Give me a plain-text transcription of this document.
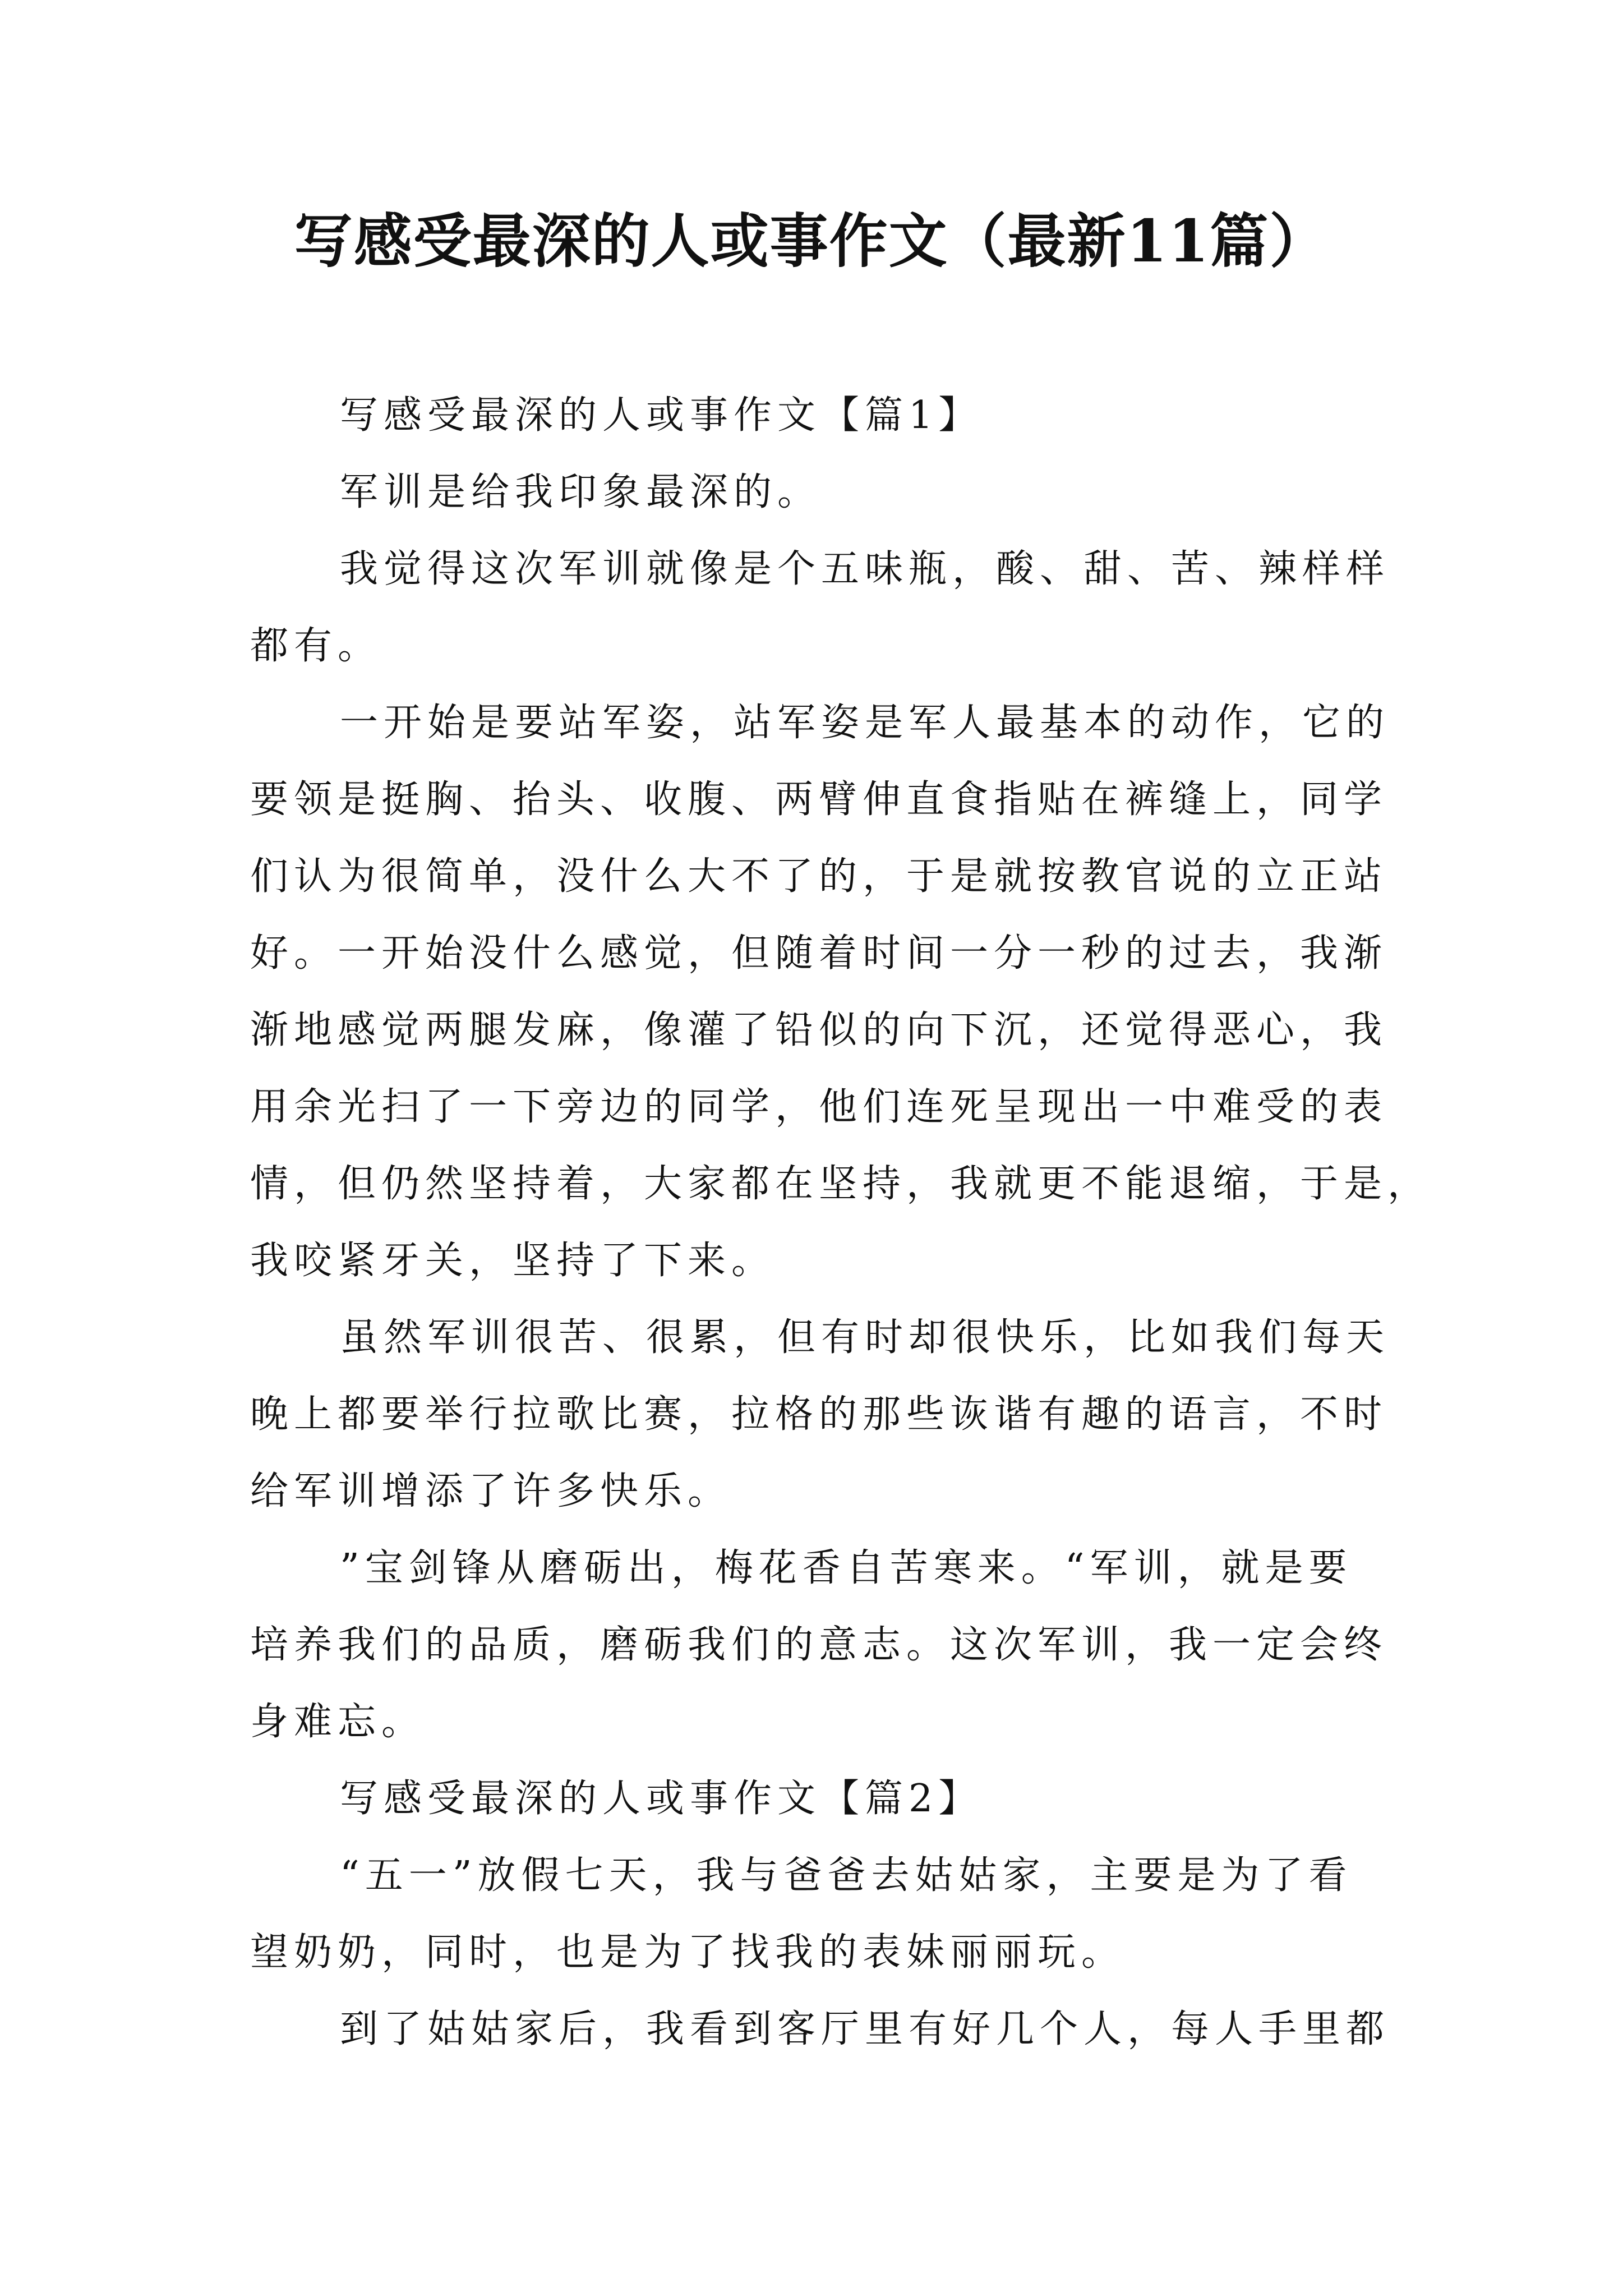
写感受最深的人或事作文（最新11篇）
写感受最深的人或事作文【篇1】
军训是给我印象最深的。
我觉得这次军训就像是个五味瓶，酸、甜、苦、辣样样
都有。
一开始是要站军姿，站军姿是军人最基本的动作，它的
要领是挺胸、抬头、收腹、两臂伸直食指贴在裤缝上，同学
们认为很简单，没什么大不了的，于是就按教官说的立正站
好。一开始没什么感觉，但随着时间一分一秒的过去，我渐
渐地感觉两腿发麻，像灌了铅似的向下沉，还觉得恶心，我
用余光扫了一下旁边的同学，他们连死呈现出一中难受的表
情，但仍然坚持着，大家都在坚持，我就更不能退缩，于是，
我咬紧牙关，坚持了下来。
虽然军训很苦、很累，但有时却很快乐，比如我们每天
晚上都要举行拉歌比赛，拉格的那些诙谐有趣的语言，不时
给军训增添了许多快乐。
”宝剑锋从磨砺出，梅花香自苦寒来。“军训，就是要
培养我们的品质，磨砺我们的意志。这次军训，我一定会终
身难忘。
写感受最深的人或事作文【篇2】
“五一”放假七天，我与爸爸去姑姑家，主要是为了看
望奶奶，同时，也是为了找我的表妹丽丽玩。
到了姑姑家后，我看到客厅里有好几个人，每人手里都
